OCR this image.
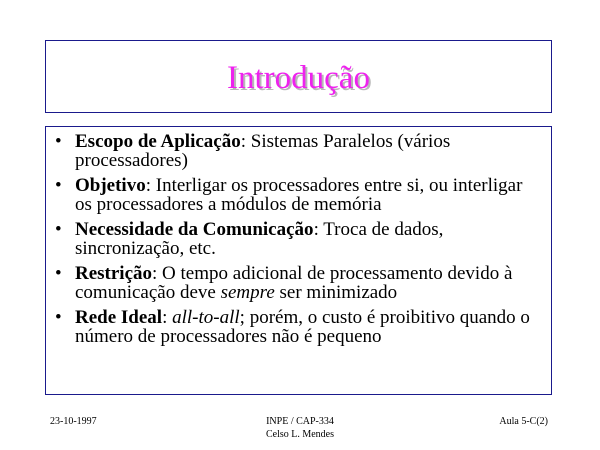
Introdução
• Escopo de Aplicação: Sistemas Paralelos (vários processadores)
• Objetivo: Interligar os processadores entre si, ou interligar os processadores a módulos de memória
• Necessidade da Comunicação: Troca de dados, sincronização, etc.
• Restrição: O tempo adicional de processamento devido à comunicação deve sempre ser minimizado
• Rede Ideal: all-to-all; porém, o custo é proibitivo quando o número de processadores não é pequeno
23-10-1997	INPE / CAP-334
Celso L. Mendes
Aula 5-C(2)
